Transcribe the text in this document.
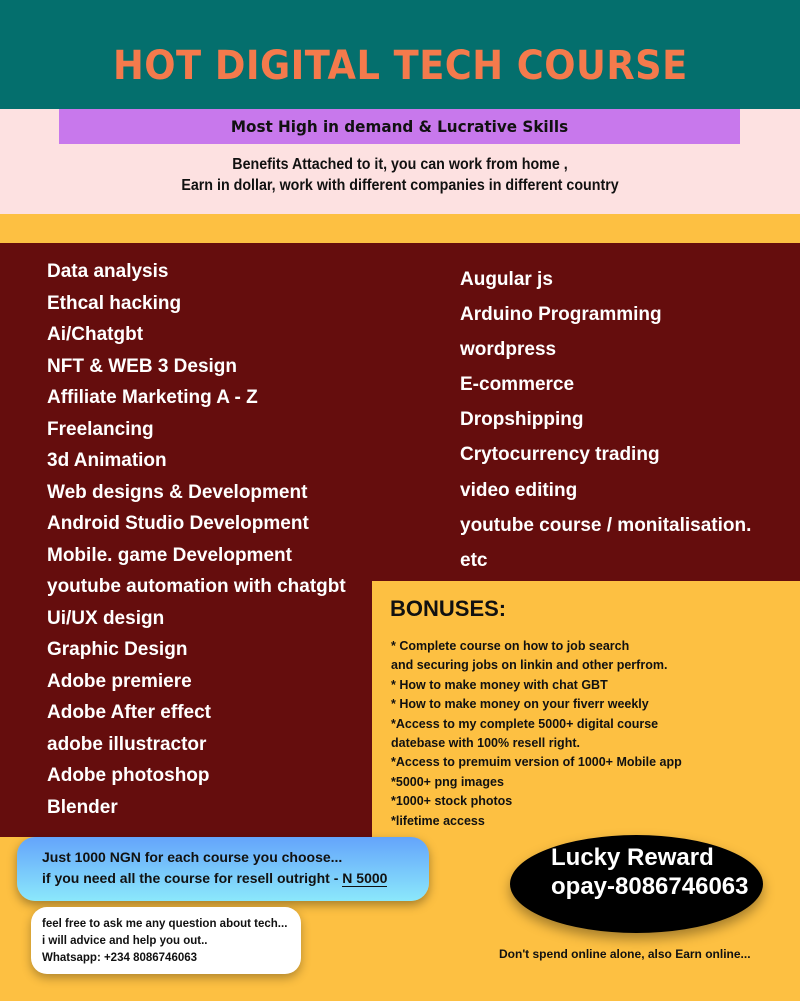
HOT DIGITAL TECH COURSE
Most High in demand & Lucrative Skills
Benefits Attached to it, you can work from home ,
Earn in dollar, work with different companies in different country
Data analysis
Ethcal hacking
Ai/Chatgbt
NFT & WEB 3 Design
Affiliate Marketing A - Z
Freelancing
3d Animation
Web designs & Development
Android Studio Development
Mobile. game Development
youtube automation with chatgbt
Ui/UX design
Graphic Design
Adobe premiere
Adobe After effect
adobe illustractor
Adobe photoshop
Blender
Augular js
Arduino Programming
wordpress
E-commerce
Dropshipping
Crytocurrency trading
video editing
youtube course / monitalisation.
etc
BONUSES:
* Complete course on how to job search
and securing jobs on linkin and other perfrom.
* How to make money with chat GBT
* How to make money on your fiverr weekly
*Access to my complete 5000+ digital course
datebase with 100% resell right.
*Access to premuim version of 1000+ Mobile app
*5000+ png images
*1000+ stock photos
*lifetime access
Just 1000 NGN for each course you choose...
if you need all the course for resell outright - N 5000
feel free to ask me any question about tech...
i will advice and help you out..
Whatsapp: +234 8086746063
Lucky Reward
opay-8086746063
Don't spend online alone, also Earn online...
